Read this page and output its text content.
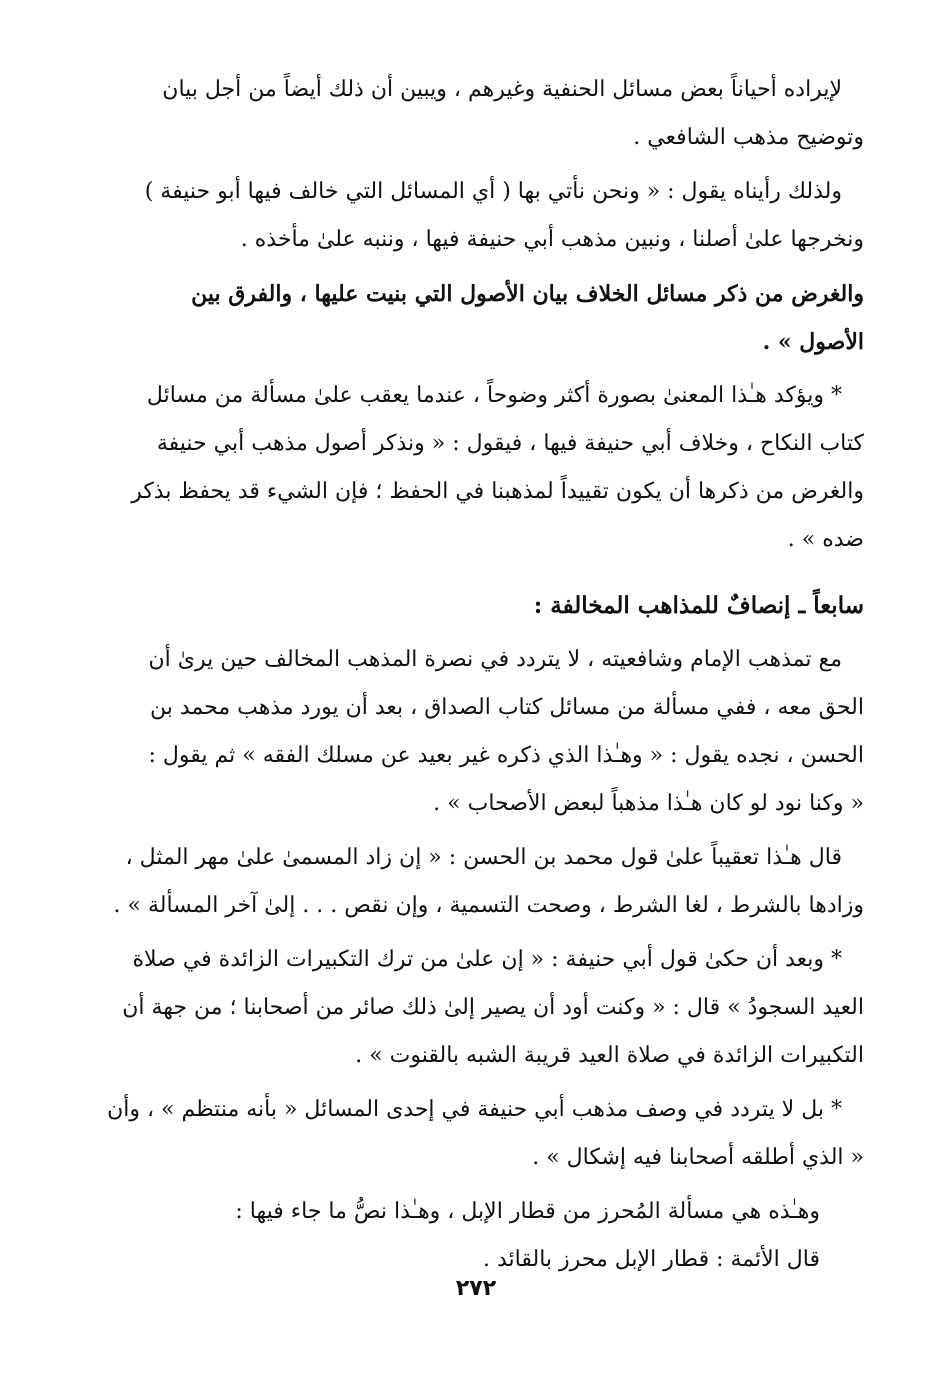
لإيراده أحياناً بعض مسائل الحنفية وغيرهم ، ويبين أن ذلك أيضاً من أجل بيان
وتوضيح مذهب الشافعي .
ولذلك رأيناه يقول : « ونحن نأتي بها ( أي المسائل التي خالف فيها أبو حنيفة )
ونخرجها علىٰ أصلنا ، ونبين مذهب أبي حنيفة فيها ، وننبه علىٰ مأخذه .
والغرض من ذكر مسائل الخلاف بيان الأصول التي بنيت عليها ، والفرق بين
الأصول » .
* ويؤكد هـٰذا المعنىٰ بصورة أكثر وضوحاً ، عندما يعقب علىٰ مسألة من مسائل
كتاب النكاح ، وخلاف أبي حنيفة فيها ، فيقول : « ونذكر أصول مذهب أبي حنيفة
والغرض من ذكرها أن يكون تقييداً لمذهبنا في الحفظ ؛ فإن الشيء قد يحفظ بذكر
ضده » .
سابعاً ـ إنصافٌ للمذاهب المخالفة :
مع تمذهب الإمام وشافعيته ، لا يتردد في نصرة المذهب المخالف حين يرىٰ أن
الحق معه ، ففي مسألة من مسائل كتاب الصداق ، بعد أن يورد مذهب محمد بن
الحسن ، نجده يقول : « وهـٰذا الذي ذكره غير بعيد عن مسلك الفقه » ثم يقول :
« وكنا نود لو كان هـٰذا مذهباً لبعض الأصحاب » .
قال هـٰذا تعقيباً علىٰ قول محمد بن الحسن : « إن زاد المسمىٰ علىٰ مهر المثل ،
وزادها بالشرط ، لغا الشرط ، وصحت التسمية ، وإن نقص . . . إلىٰ آخر المسألة » .
* وبعد أن حكىٰ قول أبي حنيفة : « إن علىٰ من ترك التكبيرات الزائدة في صلاة
العيد السجودُ » قال : « وكنت أود أن يصير إلىٰ ذلك صائر من أصحابنا ؛ من جهة أن
التكبيرات الزائدة في صلاة العيد قريبة الشبه بالقنوت » .
* بل لا يتردد في وصف مذهب أبي حنيفة في إحدى المسائل « بأنه منتظم » ، وأن
« الذي أطلقه أصحابنا فيه إشكال » .
وهـٰذه هي مسألة المُحرز من قطار الإبل ، وهـٰذا نصُّ ما جاء فيها :
قال الأئمة : قطار الإبل محرز بالقائد .
٢٧٢
